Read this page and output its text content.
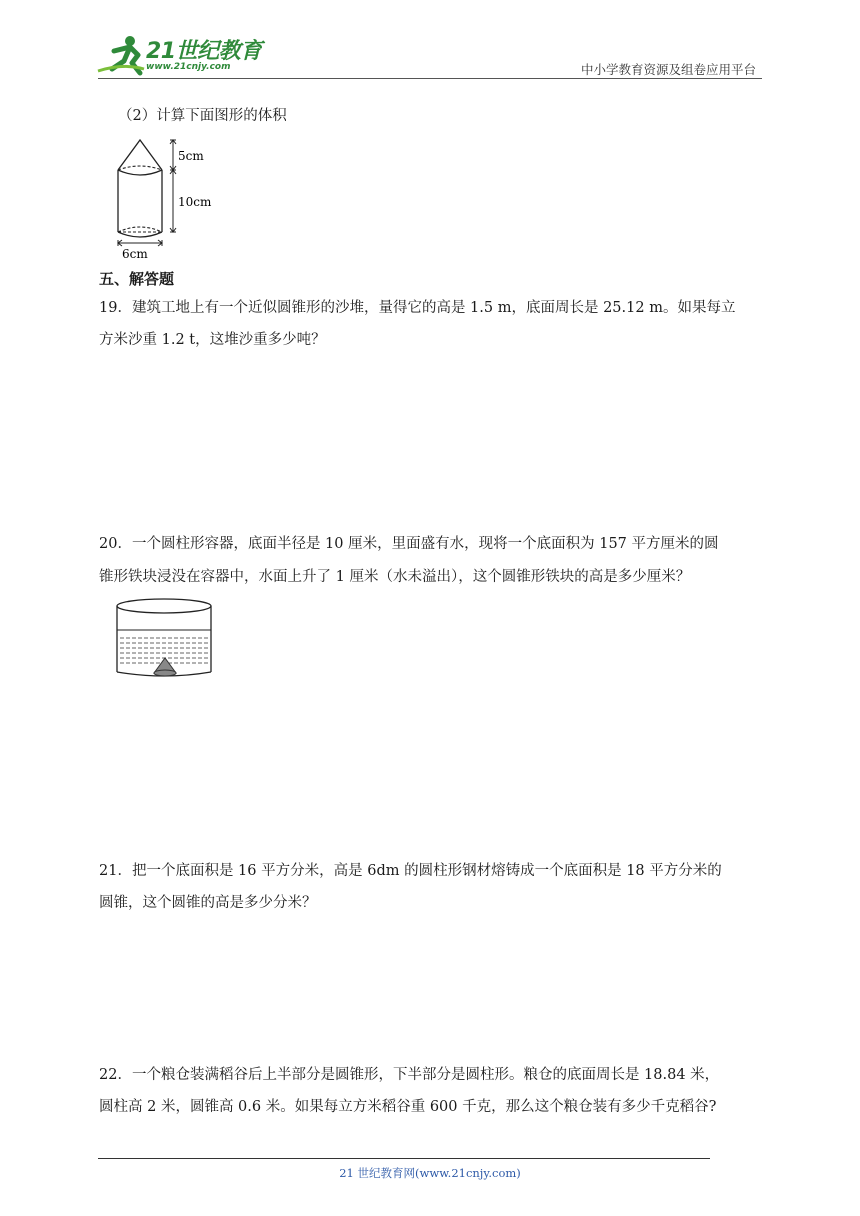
21世纪教育
www.21cnjy.com	中小学教育资源及组卷应用平台
（2）计算下面图形的体积
5cm
10cm
6cm
五、解答题
19．建筑工地上有一个近似圆锥形的沙堆，量得它的高是 1.5 m，底面周长是 25.12 m。如果每立
方米沙重 1.2 t，这堆沙重多少吨？
20．一个圆柱形容器，底面半径是 10 厘米，里面盛有水，现将一个底面积为 157 平方厘米的圆
锥形铁块浸没在容器中，水面上升了 1 厘米（水未溢出），这个圆锥形铁块的高是多少厘米？
21．把一个底面积是 16 平方分米，高是 6dm 的圆柱形钢材熔铸成一个底面积是 18 平方分米的
圆锥，这个圆锥的高是多少分米？
22．一个粮仓装满稻谷后上半部分是圆锥形，下半部分是圆柱形。粮仓的底面周长是 18.84 米，
圆柱高 2 米，圆锥高 0.6 米。如果每立方米稻谷重 600 千克，那么这个粮仓装有多少千克稻谷?
21 世纪教育网(www.21cnjy.com)
